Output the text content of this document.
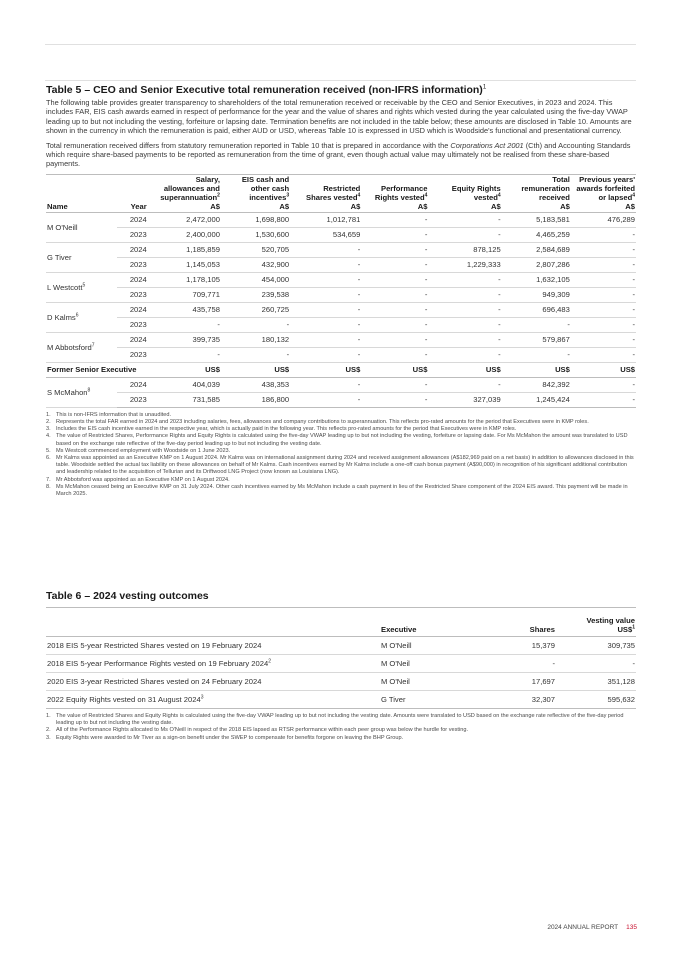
Table 5 – CEO and Senior Executive total remuneration received (non-IFRS information)$^1$

The following table provides greater transparency to shareholders of the total remuneration received or receivable by the CEO and Senior Executives, in 2023 and 2024. This includes FAR, EIS cash awards earned in respect of performance for the year and the value of shares and rights which vested during the year calculated using the five-day VWAP leading up to but not including the vesting, forfeiture or lapsing date. Termination benefits are not included in the table below; these amounts are disclosed in Table 10. Amounts are shown in the currency in which the remuneration is paid, either AUD or USD, whereas Table 10 is expressed in USD which is Woodside's functional and presentational currency.

Total remuneration received differs from statutory remuneration reported in Table 10 that is prepared in accordance with the Corporations Act 2001 (Cth) and Accounting Standards which require share-based payments to be reported as remuneration from the time of grant, even though actual value may ultimately not be realised from these share-based payments.

Name	Year	Salary,
allowances and
superannuation$^2$
A$	EIS cash and
other cash
incentives$^3$
A$	Restricted
Shares vested$^4$
A$	Performance
Rights vested$^4$
A$	Equity Rights
vested$^4$
A$	Total
remuneration
received
A$	Previous years'
awards forfeited
or lapsed$^4$
A$

M O'Neill	2024	2,472,000	1,698,800	1,012,781	-	-	5,183,581	476,289
	2023	2,400,000	1,530,600	534,659	-	-	4,465,259	-
G Tiver	2024	1,185,859	520,705	-	-	878,125	2,584,689	-
	2023	1,145,053	432,900	-	-	1,229,333	2,807,286	-
L Westcott$^5$	2024	1,178,105	454,000	-	-	-	1,632,105	-
	2023	709,771	239,538	-	-	-	949,309	-
D Kalms$^6$	2024	435,758	260,725	-	-	-	696,483	-
	2023	-	-	-	-	-	-	-
M Abbotsford$^7$	2024	399,735	180,132	-	-	-	579,867	-
	2023	-	-	-	-	-	-	-
Former Senior Executive		US$	US$	US$	US$	US$	US$	US$
S McMahon$^8$	2024	404,039	438,353	-	-	-	842,392	-
	2023	731,585	186,800	-	-	327,039	1,245,424	-
1. This is non-IFRS information that is unaudited.
2. Represents the total FAR earned in 2024 and 2023 including salaries, fees, allowances and company contributions to superannuation. This reflects pro-rated amounts for the period that Executives were in KMP roles.
3. Includes the EIS cash incentive earned in the respective year, which is actually paid in the following year. This reflects pro-rated amounts for the period that Executives were in KMP roles.
4. The value of Restricted Shares, Performance Rights and Equity Rights is calculated using the five-day VWAP leading up to but not including the vesting, forfeiture or lapsing date. For Ms McMahon the amount was translated to USD based on the exchange rate reflective of the five-day period leading up to but not including the vesting date.
5. Ms Westcott commenced employment with Woodside on 1 June 2023.
6. Mr Kalms was appointed as an Executive KMP on 1 August 2024. Mr Kalms was on international assignment during 2024 and received assignment allowances (A$182,969 paid on a net basis) in addition to allowances disclosed in this table. Woodside settled the actual tax liability on these allowances on behalf of Mr Kalms. Cash incentives earned by Mr Kalms include a one-off cash bonus payment (A$90,000) in recognition of his significant additional contribution and leadership related to the acquisition of Tellurian and its Driftwood LNG Project (now known as Louisiana LNG).
7. Mr Abbotsford was appointed as an Executive KMP on 1 August 2024.
8. Ms McMahon ceased being an Executive KMP on 31 July 2024. Other cash incentives earned by Ms McMahon include a cash payment in lieu of the Restricted Share component of the 2024 EIS award. This payment will be made in March 2025.
Table 6 – 2024 vesting outcomes
	Executive	Shares	Vesting value
US\$$^1$
2018 EIS 5-year Restricted Shares vested on 19 February 2024	M O'Neill	15,379	309,735
2018 EIS 5-year Performance Rights vested on 19 February 2024$^2$	M O'Neil	-	-
2020 EIS 3-year Restricted Shares vested on 24 February 2024	M O'Neil	17,697	351,128
2022 Equity Rights vested on 31 August 2024$^3$	G Tiver	32,307	595,632
1. The value of Restricted Shares and Equity Rights is calculated using the five-day VWAP leading up to but not including the vesting date. Amounts were translated to USD based on the exchange rate reflective of the five-day period leading up to but not including the vesting date.
2. All of the Performance Rights allocated to Ms O'Neill in respect of the 2018 EIS lapsed as RTSR performance within each peer group was below the hurdle for vesting.
3. Equity Rights were awarded to Mr Tiver as a sign-on benefit under the SWEP to compensate for benefits forgone on leaving the BHP Group.
2024 ANNUAL REPORT 135
